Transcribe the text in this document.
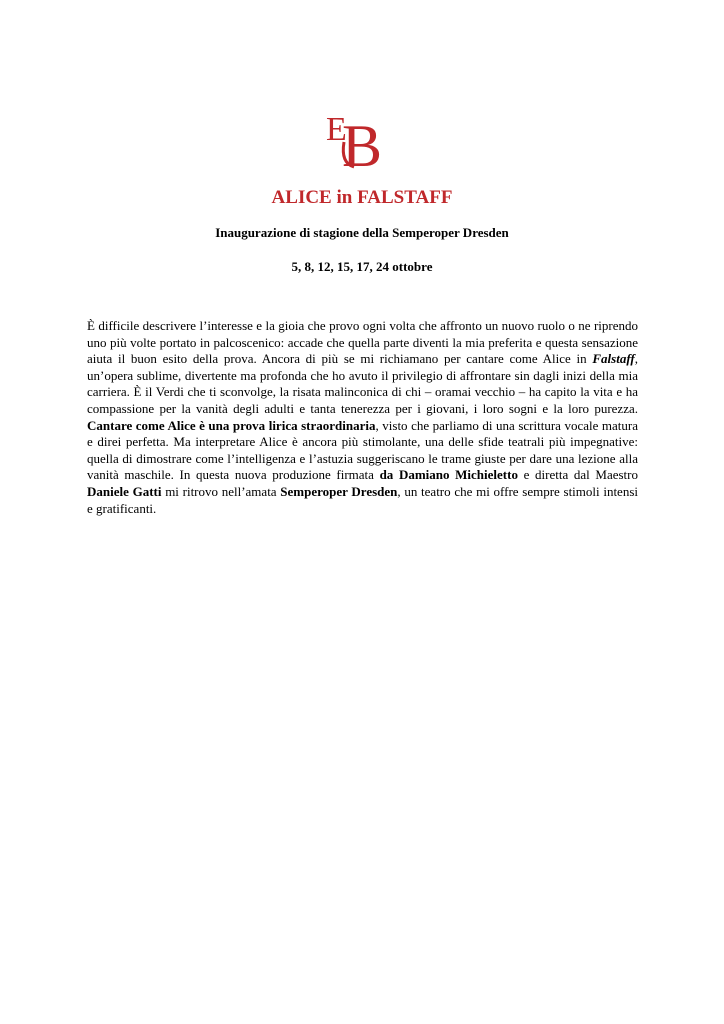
E
B
ALICE in FALSTAFF
Inaugurazione di stagione della Semperoper Dresden
5, 8, 12, 15, 17, 24 ottobre

È difficile descrivere l’interesse e la gioia che provo ogni volta che affronto un nuovo ruolo o ne riprendo uno più volte portato in palcoscenico: accade che quella parte diventi la mia preferita e questa sensazione aiuta il buon esito della prova. Ancora di più se mi richiamano per cantare come Alice in Falstaff, un’opera sublime, divertente ma profonda che ho avuto il privilegio di affrontare sin dagli inizi della mia carriera. È il Verdi che ti sconvolge, la risata malinconica di chi – oramai vecchio – ha capito la vita e ha compassione per la vanità degli adulti e tanta tenerezza per i giovani, i loro sogni e la loro purezza. Cantare come Alice è una prova lirica straordinaria, visto che parliamo di una scrittura vocale matura e direi perfetta. Ma interpretare Alice è ancora più stimolante, una delle sfide teatrali più impegnative: quella di dimostrare come l’intelligenza e l’astuzia suggeriscano le trame giuste per dare una lezione alla vanità maschile. In questa nuova produzione firmata da Damiano Michieletto e diretta dal Maestro Daniele Gatti mi ritrovo nell’amata Semperoper Dresden, un teatro che mi offre sempre stimoli intensi e gratificanti.
